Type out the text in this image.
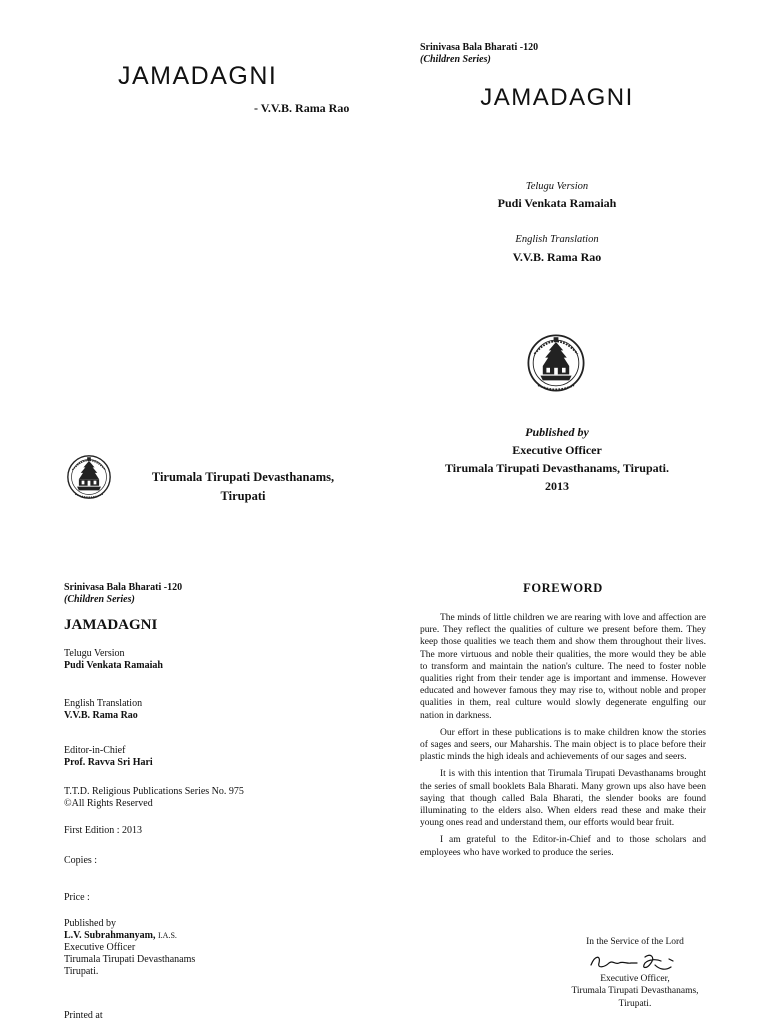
JAMADAGNI
- V.V.B. Rama Rao
Tirumala Tirupati Devasthanams,
Tirupati
Srinivasa Bala Bharati -120
(Children Series)
JAMADAGNI
Telugu Version
Pudi Venkata Ramaiah
English Translation
V.V.B. Rama Rao
Published by
Executive Officer
Tirumala Tirupati Devasthanams, Tirupati.
2013
Srinivasa Bala Bharati -120
(Children Series)
JAMADAGNI
Telugu Version
Pudi Venkata Ramaiah
English Translation
V.V.B. Rama Rao
Editor-in-Chief
Prof. Ravva Sri Hari
T.T.D. Religious Publications Series No. 975
©All Rights Reserved
First Edition : 2013
Copies :
Price :
Published by
L.V. Subrahmanyam, I.A.S.
Executive Officer
Tirumala Tirupati Devasthanams
Tirupati.
Printed at
FOREWORD

The minds of little children we are rearing with love and affection are pure. They reflect the qualities of culture we present before them. They keep those qualities we teach them and show them throughout their lives. The more virtuous and noble their qualities, the more would they be able to transform and maintain the nation's culture. The need to foster noble qualities right from their tender age is important and immense. However educated and however famous they may rise to, without noble and proper qualities in them, real culture would slowly degenerate engulfing our nation in darkness.

Our effort in these publications is to make children know the stories of sages and seers, our Maharshis. The main object is to place before their plastic minds the high ideals and achievements of our sages and seers.

It is with this intention that Tirumala Tirupati Devasthanams brought the series of small booklets Bala Bharati. Many grown ups also have been saying that though called Bala Bharati, the slender books are found illuminating to the elders also. When elders read these and make their young ones read and understand them, our efforts would bear fruit.

I am grateful to the Editor-in-Chief and to those scholars and employees who have worked to produce the series.

In the Service of the Lord
Executive Officer,
Tirumala Tirupati Devasthanams,
Tirupati.
